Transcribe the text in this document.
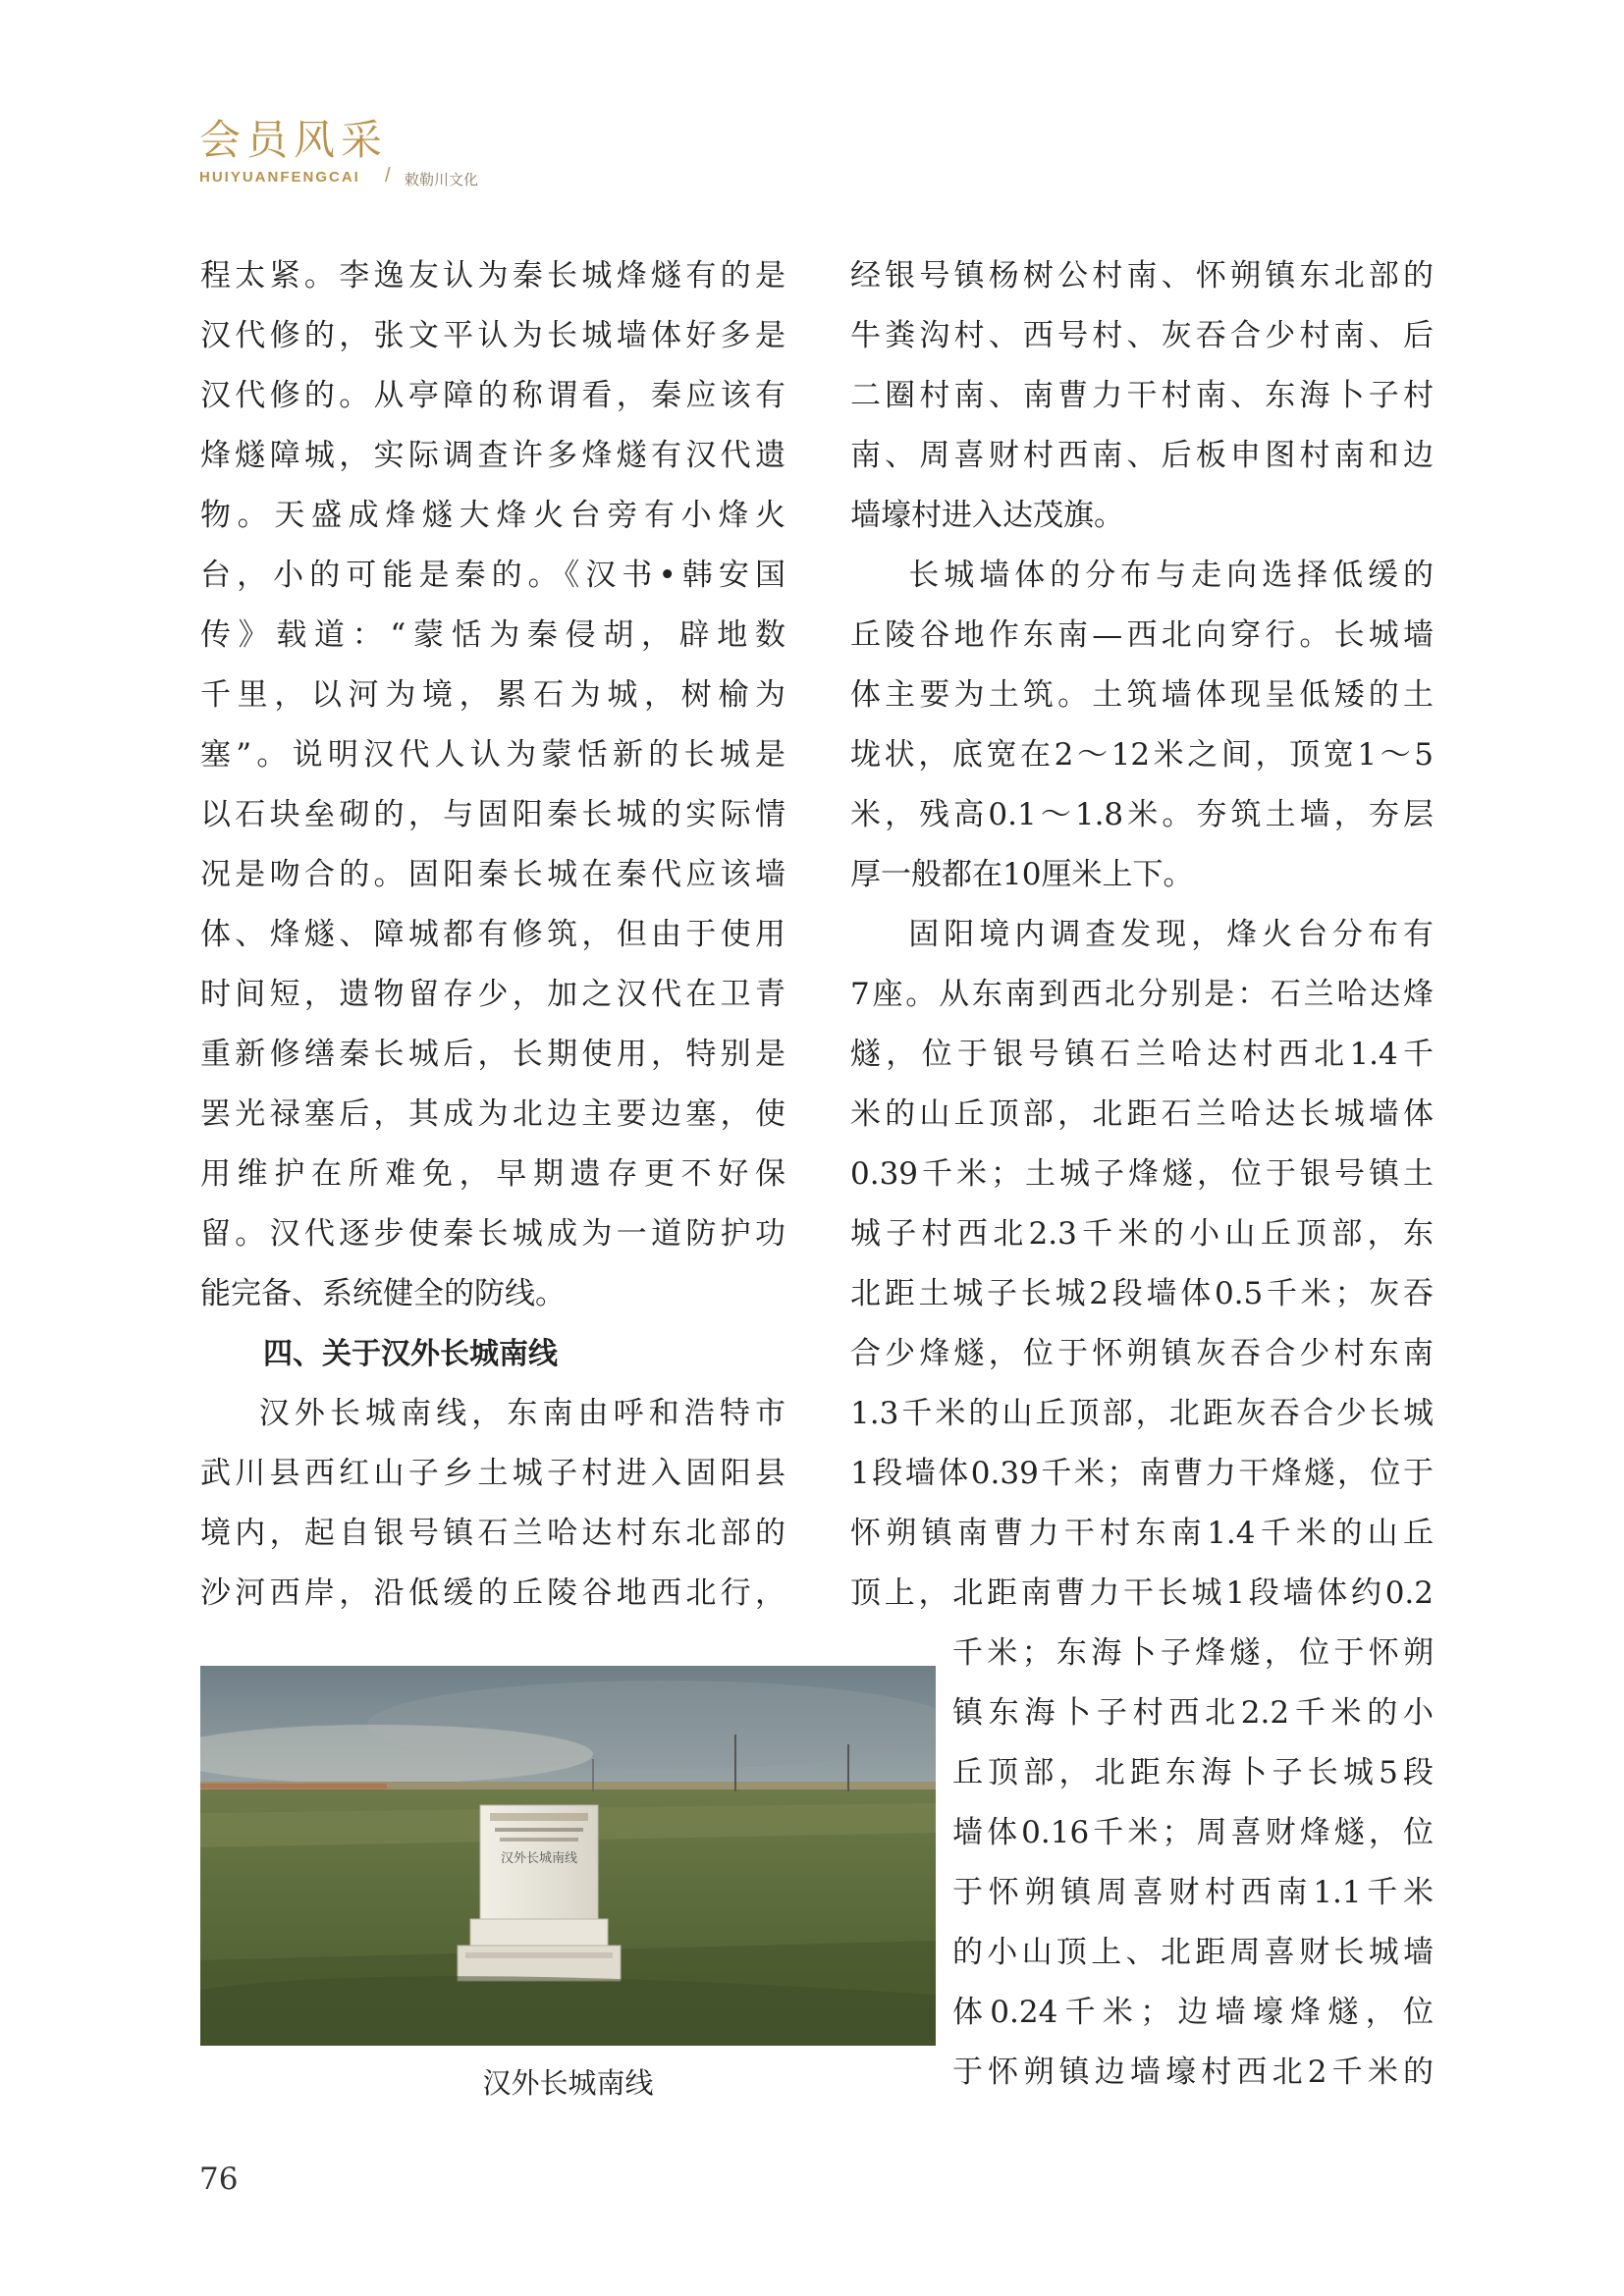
会员风采
HUIYUANFENGCAI / 敕勒川文化
程太紧。李逸友认为秦长城烽燧有的是
汉代修的，张文平认为长城墙体好多是
汉代修的。从亭障的称谓看，秦应该有
烽燧障城，实际调查许多烽燧有汉代遗
物。天盛成烽燧大烽火台旁有小烽火
台，小的可能是秦的。《汉书•韩安国
传》载道：“蒙恬为秦侵胡，辟地数
千里，以河为境，累石为城，树榆为
塞”。说明汉代人认为蒙恬新的长城是
以石块垒砌的，与固阳秦长城的实际情
况是吻合的。固阳秦长城在秦代应该墙
体、烽燧、障城都有修筑，但由于使用
时间短，遗物留存少，加之汉代在卫青
重新修缮秦长城后，长期使用，特别是
罢光禄塞后，其成为北边主要边塞，使
用维护在所难免，早期遗存更不好保
留。汉代逐步使秦长城成为一道防护功
能完备、系统健全的防线。
四、关于汉外长城南线
汉外长城南线，东南由呼和浩特市
武川县西红山子乡土城子村进入固阳县
境内，起自银号镇石兰哈达村东北部的
沙河西岸，沿低缓的丘陵谷地西北行，
经银号镇杨树公村南、怀朔镇东北部的
牛粪沟村、西号村、灰吞合少村南、后
二圈村南、南曹力干村南、东海卜子村
南、周喜财村西南、后板申图村南和边
墙壕村进入达茂旗。
长城墙体的分布与走向选择低缓的
丘陵谷地作东南—西北向穿行。长城墙
体主要为土筑。土筑墙体现呈低矮的土
垅状，底宽在2～12米之间，顶宽1～5
米，残高0.1～1.8米。夯筑土墙，夯层
厚一般都在10厘米上下。
固阳境内调查发现，烽火台分布有
7座。从东南到西北分别是：石兰哈达烽
燧，位于银号镇石兰哈达村西北1.4千
米的山丘顶部，北距石兰哈达长城墙体
0.39千米；土城子烽燧，位于银号镇土
城子村西北2.3千米的小山丘顶部，东
北距土城子长城2段墙体0.5千米；灰吞
合少烽燧，位于怀朔镇灰吞合少村东南
1.3千米的山丘顶部，北距灰吞合少长城
1段墙体0.39千米；南曹力干烽燧，位于
怀朔镇南曹力干村东南1.4千米的山丘
顶上，北距南曹力干长城1段墙体约0.2
千米；东海卜子烽燧，位于怀朔
镇东海卜子村西北2.2千米的小
丘顶部，北距东海卜子长城5段
墙体0.16千米；周喜财烽燧，位
于怀朔镇周喜财村西南1.1千米
的小山顶上、北距周喜财长城墙
体0.24千米；边墙壕烽燧，位
于怀朔镇边墙壕村西北2千米的
汉外长城南线
汉外长城南线
76
